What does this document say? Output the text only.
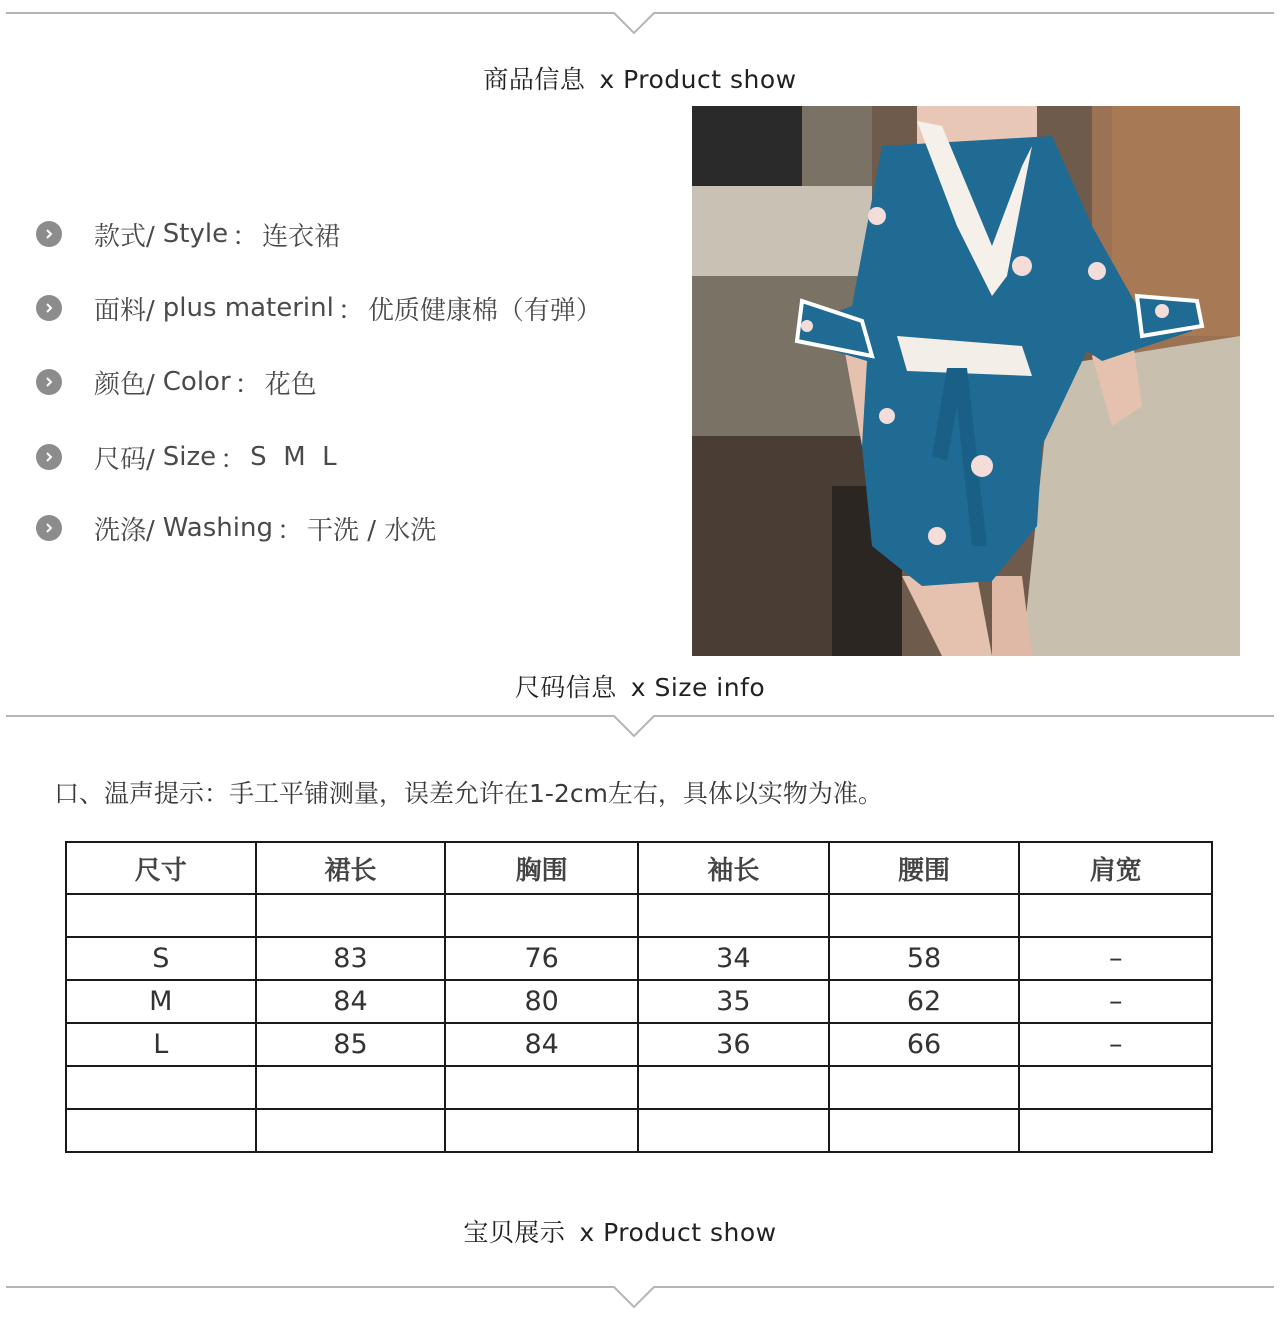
商品信息 x Product show
款式/ Style ： 连衣裙
面料/ plus materinl ： 优质健康棉（有弹）
颜色/ Color ： 花色
尺码/ Size ： S  M  L
洗涤/ Washing ： 干洗 / 水洗
尺码信息 x Size info
口、温声提示：手工平铺测量，误差允许在1-2cm左右，具体以实物为准。
尺寸	裙长	胸围	袖长	腰围	肩宽

S	83	76	34	58	–
M	84	80	35	62	–
L	85	84	36	66	–

宝贝展示 x Product show
